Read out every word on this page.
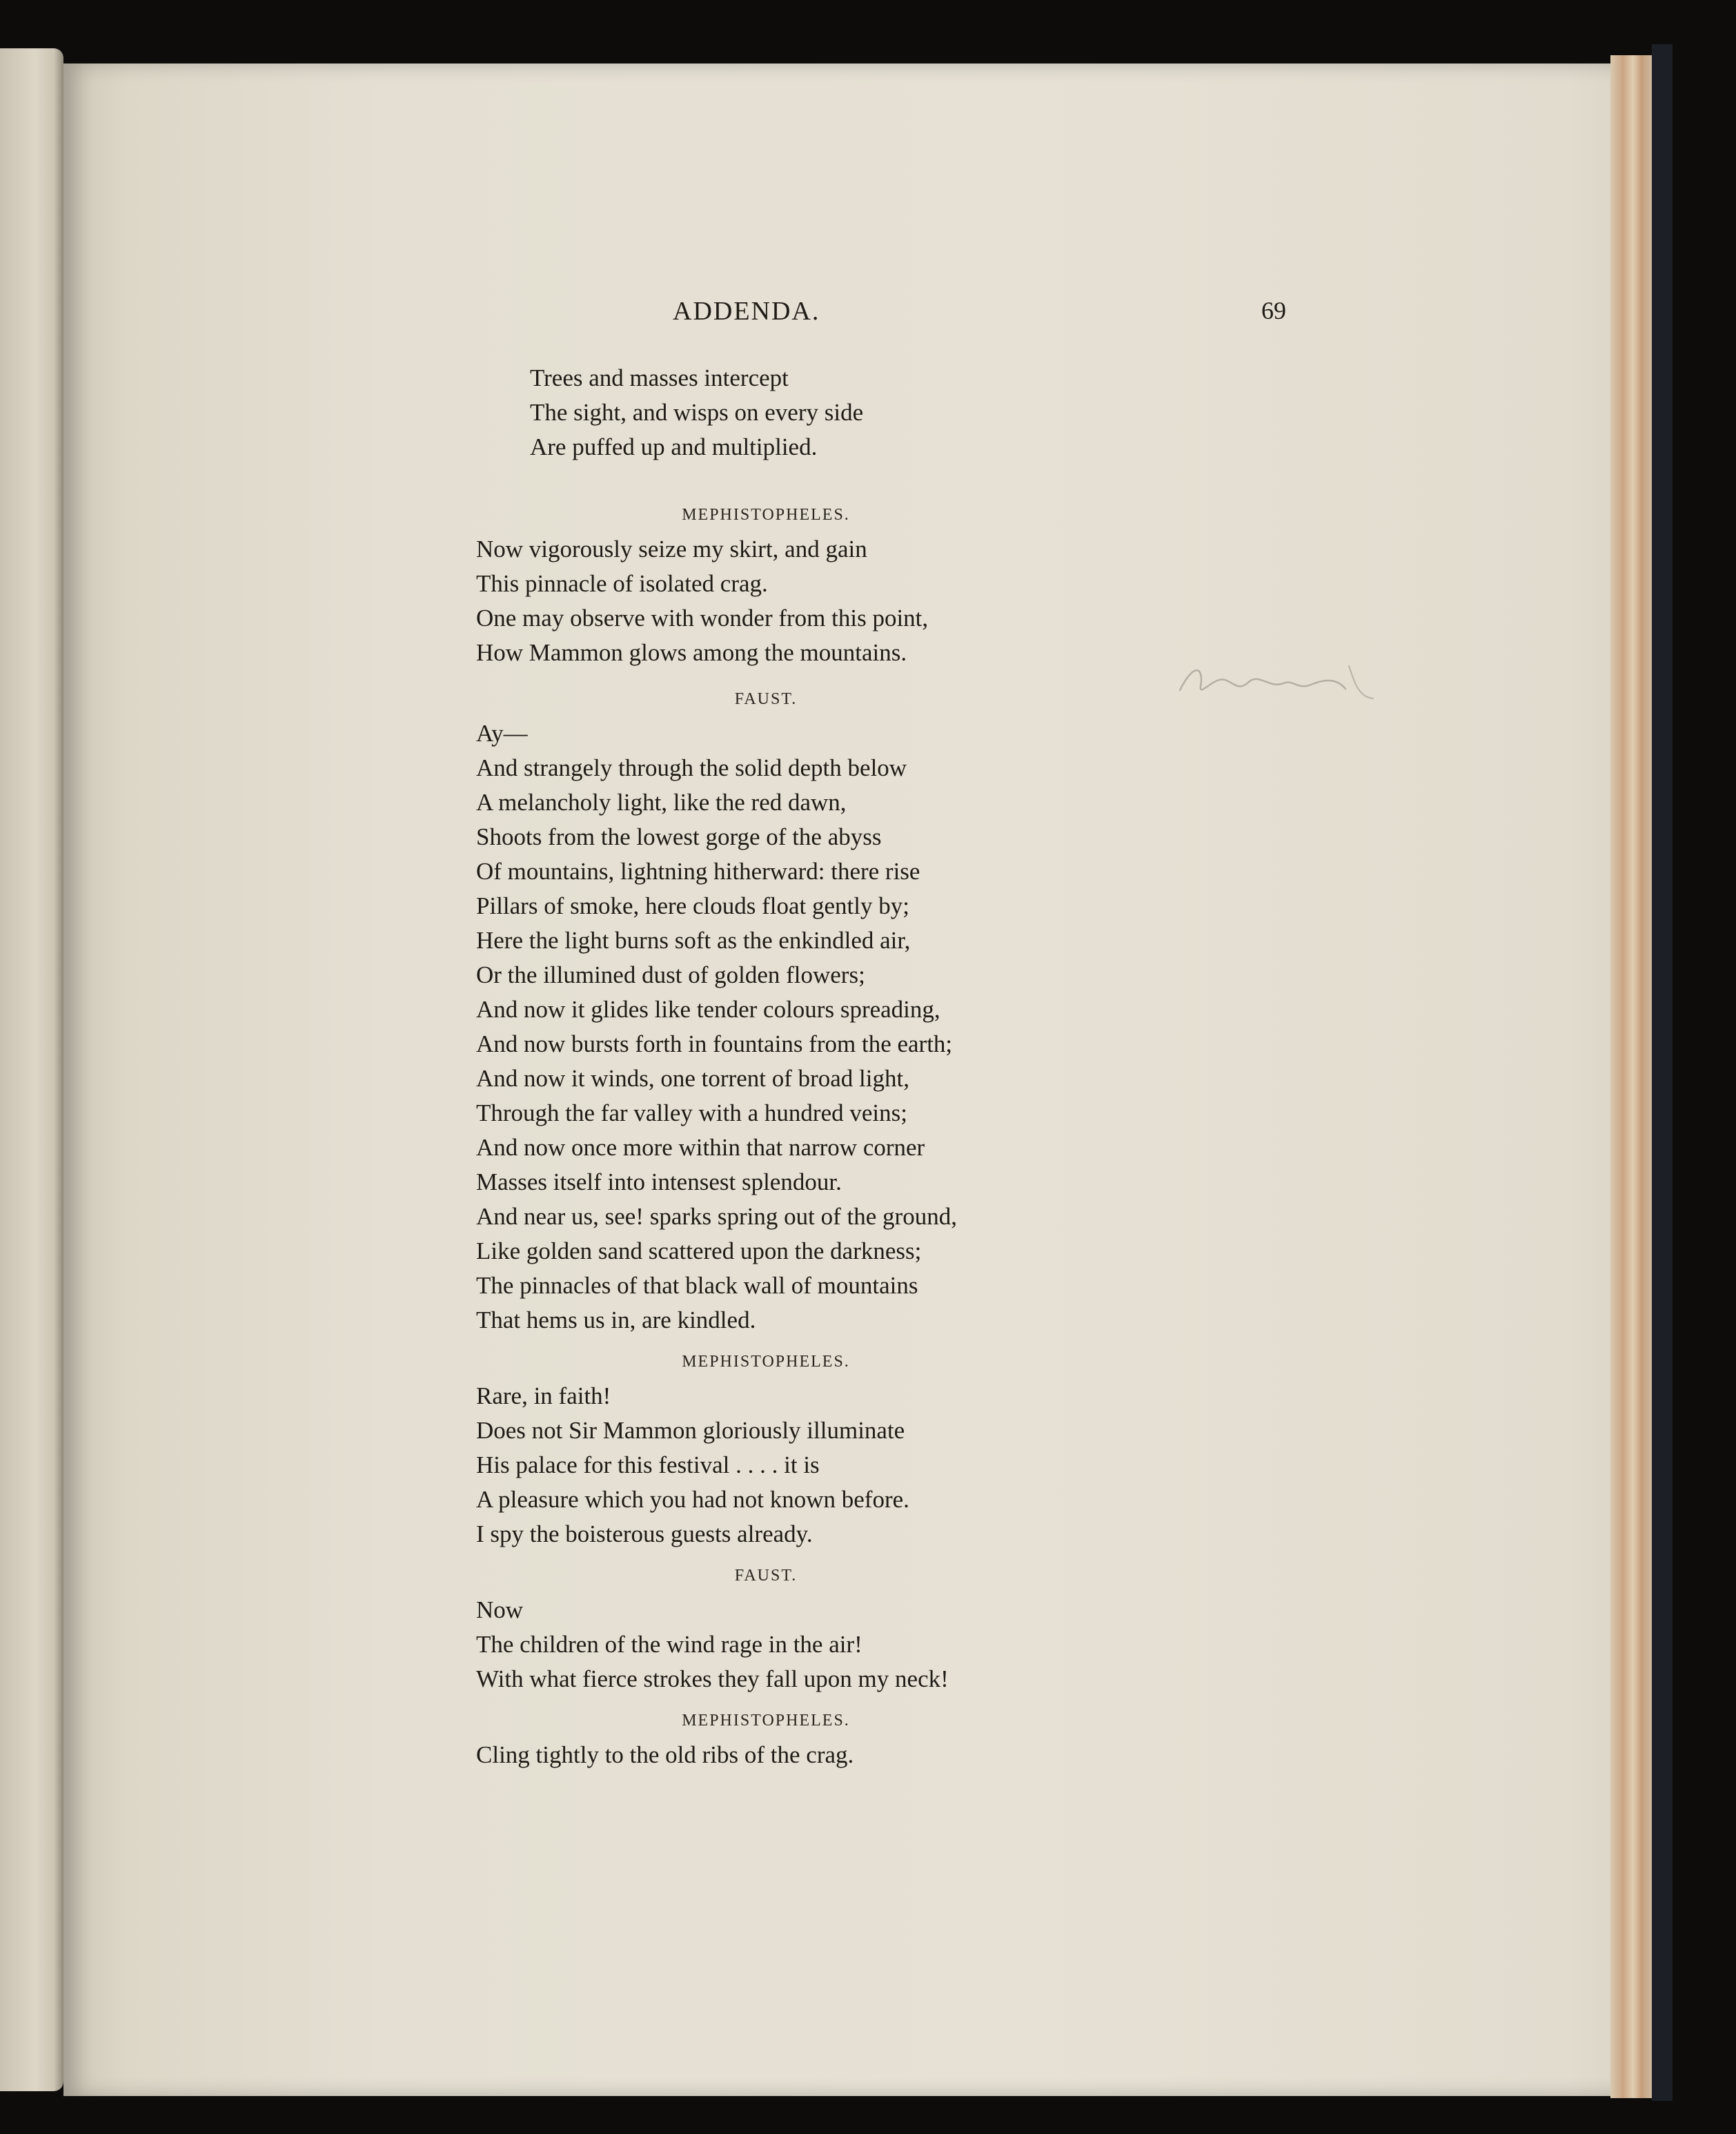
ADDENDA.	69
Trees and masses intercept
The sight, and wisps on every side
Are puffed up and multiplied.
MEPHISTOPHELES.
Now vigorously seize my skirt, and gain
This pinnacle of isolated crag.
One may observe with wonder from this point,
How Mammon glows among the mountains.
FAUST.
Ay—
And strangely through the solid depth below
A melancholy light, like the red dawn,
Shoots from the lowest gorge of the abyss
Of mountains, lightning hitherward: there rise
Pillars of smoke, here clouds float gently by;
Here the light burns soft as the enkindled air,
Or the illumined dust of golden flowers;
And now it glides like tender colours spreading,
And now bursts forth in fountains from the earth;
And now it winds, one torrent of broad light,
Through the far valley with a hundred veins;
And now once more within that narrow corner
Masses itself into intensest splendour.
And near us, see! sparks spring out of the ground,
Like golden sand scattered upon the darkness;
The pinnacles of that black wall of mountains
That hems us in, are kindled.
MEPHISTOPHELES.
Rare, in faith!
Does not Sir Mammon gloriously illuminate
His palace for this festival . . . . it is
A pleasure which you had not known before.
I spy the boisterous guests already.
FAUST.
Now
The children of the wind rage in the air!
With what fierce strokes they fall upon my neck!
MEPHISTOPHELES.
Cling tightly to the old ribs of the crag.
